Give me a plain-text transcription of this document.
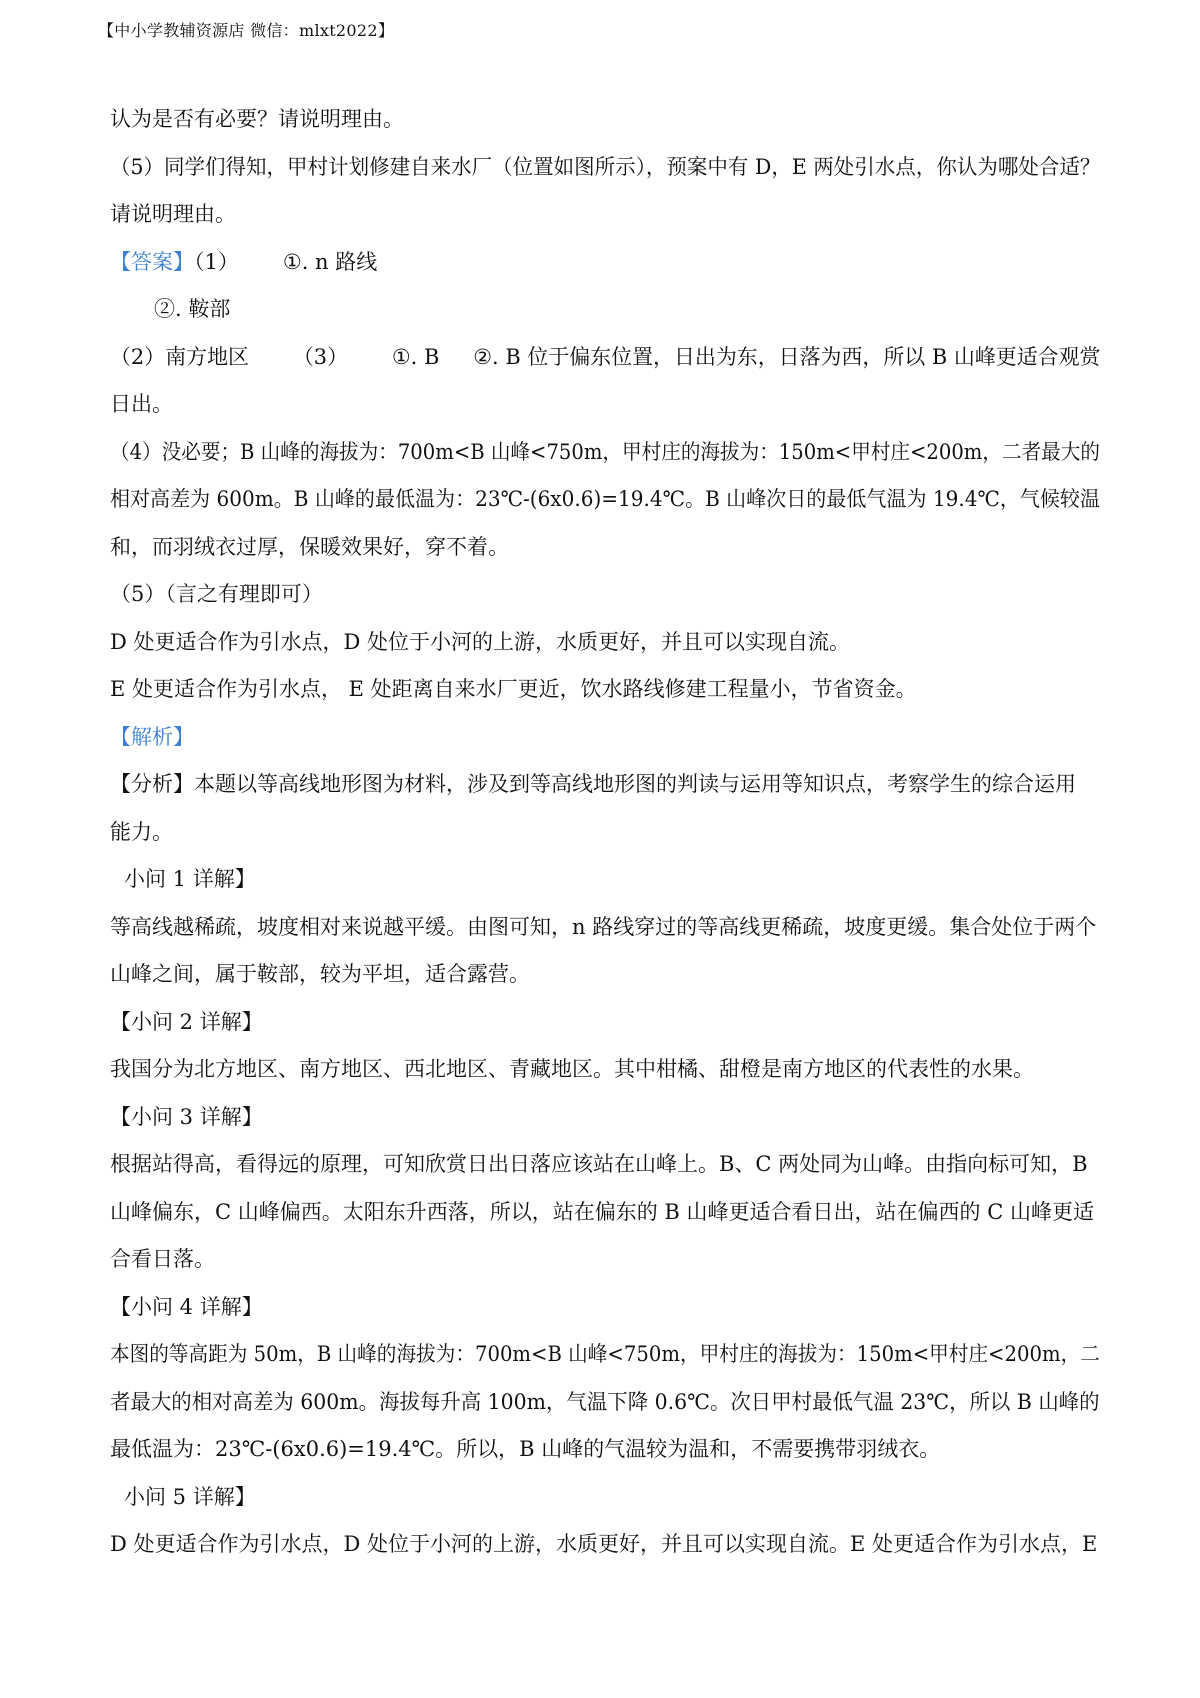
【中小学教辅资源店 微信：mlxt2022】
认为是否有必要？请说明理由。
（5）同学们得知，甲村计划修建自来水厂（位置如图所示），预案中有 D，E 两处引水点，你认为哪处合适？
请说明理由。
【答案】（1） ①. n 路线
②. 鞍部
（2）南方地区 （3） ①. B ②. B 位于偏东位置，日出为东，日落为西，所以 B 山峰更适合观赏
日出。
（4）没必要；B 山峰的海拔为：700m<B 山峰<750m，甲村庄的海拔为：150m<甲村庄<200m，二者最大的
相对高差为 600m。B 山峰的最低温为：23℃-(6x0.6)=19.4℃。B 山峰次日的最低气温为 19.4℃，气候较温
和，而羽绒衣过厚，保暖效果好，穿不着。
（5）（言之有理即可）
D 处更适合作为引水点，D 处位于小河的上游，水质更好，并且可以实现自流。
E 处更适合作为引水点， E 处距离自来水厂更近，饮水路线修建工程量小，节省资金。
【解析】
【分析】本题以等高线地形图为材料，涉及到等高线地形图的判读与运用等知识点，考察学生的综合运用
能力。
小问 1 详解】
等高线越稀疏，坡度相对来说越平缓。由图可知，n 路线穿过的等高线更稀疏，坡度更缓。集合处位于两个
山峰之间，属于鞍部，较为平坦，适合露营。
【小问 2 详解】
我国分为北方地区、南方地区、西北地区、青藏地区。其中柑橘、甜橙是南方地区的代表性的水果。
【小问 3 详解】
根据站得高，看得远的原理，可知欣赏日出日落应该站在山峰上。B、C 两处同为山峰。由指向标可知，B
山峰偏东，C 山峰偏西。太阳东升西落，所以，站在偏东的 B 山峰更适合看日出，站在偏西的 C 山峰更适
合看日落。
【小问 4 详解】
本图的等高距为 50m，B 山峰的海拔为：700m<B 山峰<750m，甲村庄的海拔为：150m<甲村庄<200m，二
者最大的相对高差为 600m。海拔每升高 100m，气温下降 0.6℃。次日甲村最低气温 23℃，所以 B 山峰的
最低温为：23℃-(6x0.6)=19.4℃。所以，B 山峰的气温较为温和，不需要携带羽绒衣。
小问 5 详解】
D 处更适合作为引水点，D 处位于小河的上游，水质更好，并且可以实现自流。E 处更适合作为引水点，E
